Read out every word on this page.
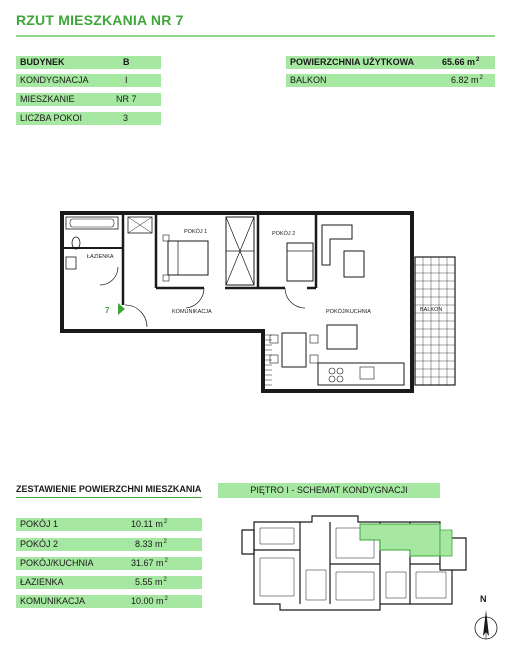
RZUT MIESZKANIA NR 7
BUDYNEK	B
KONDYGNACJA	I
MIESZKANIE	NR 7
LICZBA POKOI	3
POWIERZCHNIA UŻYTKOWA	65.66 $m^2$
BALKON	6.82 $m^2$
7
ŁAZIENKA
POKÓJ 1	POKÓJ 2
KOMUNIKACJA	POKÓJ/KUCHNIA	BALKON
ZESTAWIENIE POWIERZCHNI MIESZKANIA
POKÓJ 1	10.11 $m^2$
POKÓJ 2	8.33 $m^2$
POKÓJ/KUCHNIA	31.67 $m^2$
ŁAZIENKA	5.55 $m^2$
KOMUNIKACJA	10.00 $m^2$
PIĘTRO I - SCHEMAT KONDYGNACJI
N
